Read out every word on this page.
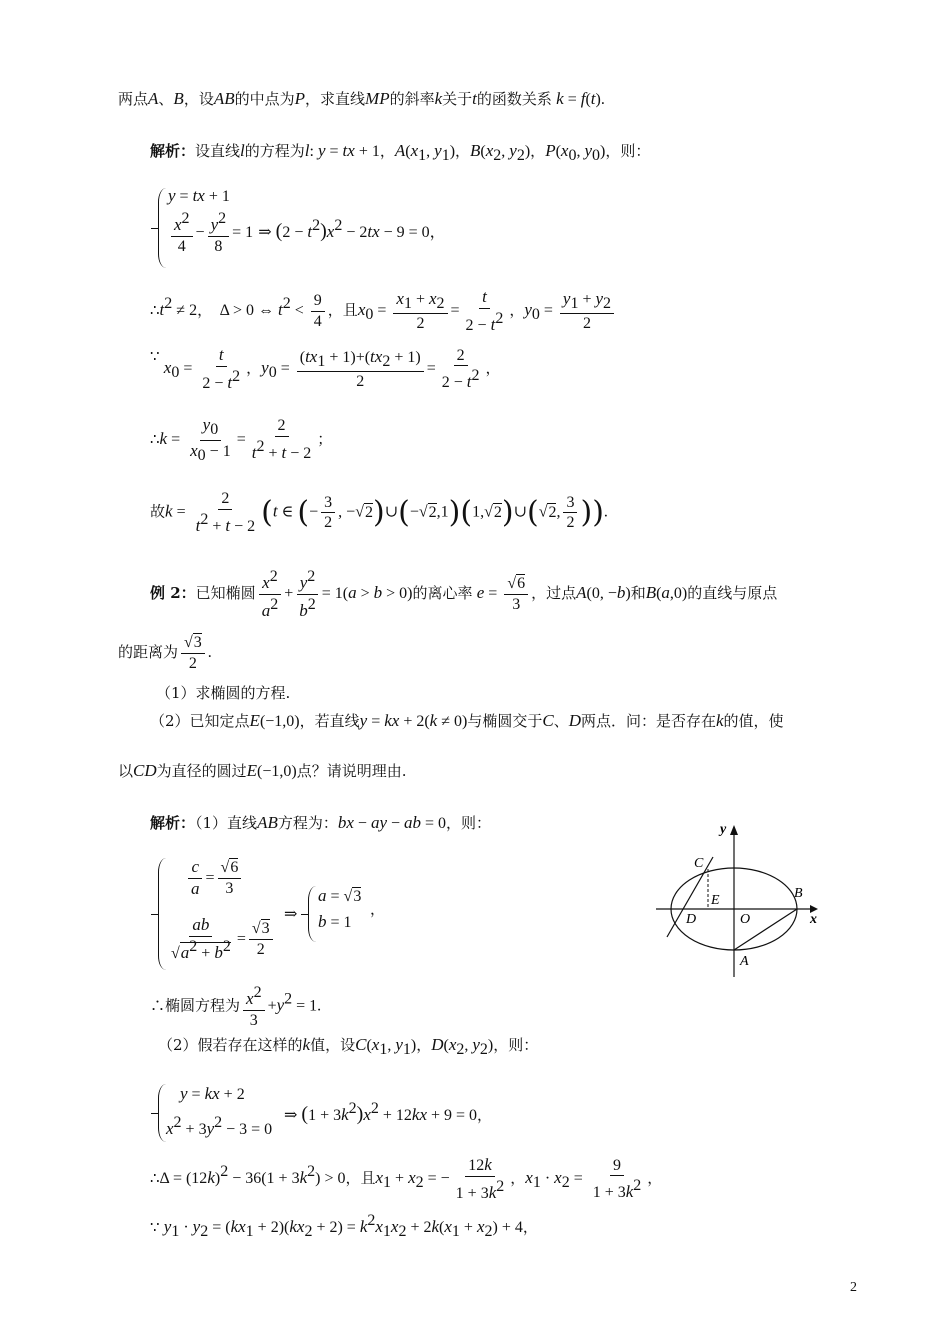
两点A、B，设AB的中点为P，求直线MP的斜率k关于t的函数关系 k = f(t).
解析：设直线l的方程为l: y = tx + 1，$A(x_1$, $y_1$)，$B(x_2$, $y_2$)，$P(x_0$, $y_0$)，则：
y = tx + 1
$\frac{x^2}{4} - \frac{y^2}{8} = 1$ ⇒ $(2 - t^2)x^2 - 2tx - 9 = 0$，
$\therefore t^2 \ne 2$，　Δ > 0 ⇔ $t^2 < \frac{9}{4}$ ，且$x_0 = \frac{x_1 + x_2}{2} = \frac{t}{2 - t^2}$ ，$y_0 = \frac{y_1 + y_2}{2}$
∵ $x_0 = \frac{t}{2 - t^2}$ ，$y_0 = \frac{(tx_1 + 1)+(tx_2 + 1)}{2} = \frac{2}{2 - t^2}$ ，
∴k = $\frac{y_0}{x_0 - 1} = \frac{2}{t^2 + t - 2}$ ；
故$k = \frac{2}{t^2 + t - 2} (t$ ∈ (− $\frac{3}{2}$ , −√2)∪(−√2,1)(1,√2)∪(√2, $\frac{3}{2}$ )).
例 2：已知椭圆 $\frac{x^2}{a^2} + \frac{y^2}{b^2} = 1(a > b > 0)$的离心率 $e = \frac{√6}{3}$ ，过点A(0, −b)和B(a,0)的直线与原点
的距离为 $\frac{√3}{2}$ .
（1）求椭圆的方程.
（2）已知定点E(−1,0)，若直线y = kx + 2(k ≠ 0)与椭圆交于C、D两点．问：是否存在k的值，使
以CD为直径的圆过E(−1,0)点？请说明理由.
解析：（1）直线AB方程为：bx − ay − ab = 0，则：
$\frac{c}{a} = \frac{√6}{3}$
$\frac{ab}{√a^2 + b^2} = \frac{√3}{2}$
⇒
a = √3
b = 1
，
y
x
C
E	B
D	O
A
∴椭圆方程为 $\frac{x^2}{3} +y^2 = 1$.
（2）假若存在这样的k值，设$C(x_1$, $y_1$)，$D(x_2$, $y_2$)，则：
y = kx + 2
$x^2 + 3y^2 - 3 = 0$
⇒ $(1 + 3k^2)x^2 + 12kx + 9 = 0$，
∴Δ = $(12k)^2 - 36(1 + 3k^2) > 0$，且$x_1 + x_2$ = − $\frac{12k}{1 + 3k^2}$ ，$x_1 \cdot x_2 = \frac{9}{1 + 3k^2}$ ，
∵ $y_1 \cdot y_2 = (kx_1 + 2)(kx_2 + 2) = k^2x_1x_2 + 2k(x_1 + x_2) + 4$，
2
